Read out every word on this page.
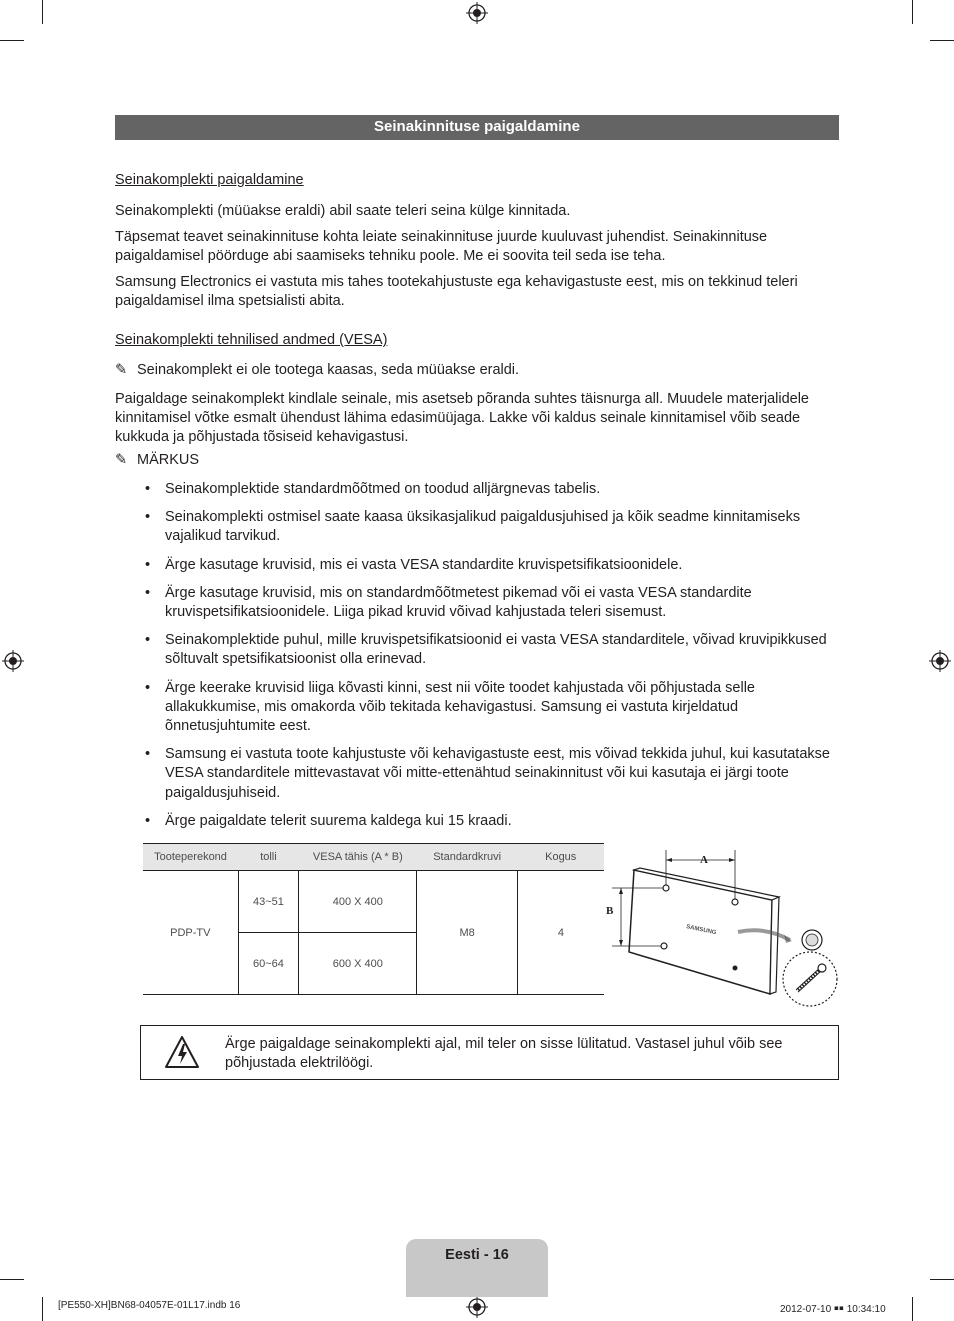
Seinakinnituse paigaldamine
Seinakomplekti paigaldamine
Seinakomplekti (müüakse eraldi) abil saate teleri seina külge kinnitada.
Täpsemat teavet seinakinnituse kohta leiate seinakinnituse juurde kuuluvast juhendist. Seinakinnituse paigaldamisel pöörduge abi saamiseks tehniku poole. Me ei soovita teil seda ise teha.
Samsung Electronics ei vastuta mis tahes tootekahjustuste ega kehavigastuste eest, mis on tekkinud teleri paigaldamisel ilma spetsialisti abita.
Seinakomplekti tehnilised andmed (VESA)
✎ Seinakomplekt ei ole tootega kaasas, seda müüakse eraldi.
Paigaldage seinakomplekt kindlale seinale, mis asetseb põranda suhtes täisnurga all. Muudele materjalidele kinnitamisel võtke esmalt ühendust lähima edasimüüjaga. Lakke või kaldus seinale kinnitamisel võib seade kukkuda ja põhjustada tõsiseid kehavigastusi.
✎ MÄRKUS
• Seinakomplektide standardmõõtmed on toodud alljärgnevas tabelis.
• Seinakomplekti ostmisel saate kaasa üksikasjalikud paigaldusjuhised ja kõik seadme kinnitamiseks vajalikud tarvikud.
• Ärge kasutage kruvisid, mis ei vasta VESA standardite kruvispetsifikatsioonidele.
• Ärge kasutage kruvisid, mis on standardmõõtmetest pikemad või ei vasta VESA standardite kruvispetsifikatsioonidele. Liiga pikad kruvid võivad kahjustada teleri sisemust.
• Seinakomplektide puhul, mille kruvispetsifikatsioonid ei vasta VESA standarditele, võivad kruvipikkused sõltuvalt spetsifikatsioonist olla erinevad.
• Ärge keerake kruvisid liiga kõvasti kinni, sest nii võite toodet kahjustada või põhjustada selle allakukkumise, mis omakorda võib tekitada kehavigastusi. Samsung ei vastuta kirjeldatud õnnetusjuhtumite eest.
• Samsung ei vastuta toote kahjustuste või kehavigastuste eest, mis võivad tekkida juhul, kui kasutatakse VESA standarditele mittevastavat või mitte-ettenähtud seinakinnitust või kui kasutaja ei järgi toote paigaldusjuhiseid.
• Ärge paigaldate telerit suurema kaldega kui 15 kraadi.
Tooteperekond	tolli	VESA tähis (A * B)	Standardkruvi	Kogus
PDP-TV	43~51	400 X 400	M8	4
	60~64	600 X 400		
A
B
SAMSUNG
Ärge paigaldage seinakomplekti ajal, mil teler on sisse lülitatud. Vastasel juhul võib see põhjustada elektrilöögi.
Eesti - 16
[PE550-XH]BN68-04057E-01L17.indb 16	2012-07-10 ￭￭ 10:34:10
